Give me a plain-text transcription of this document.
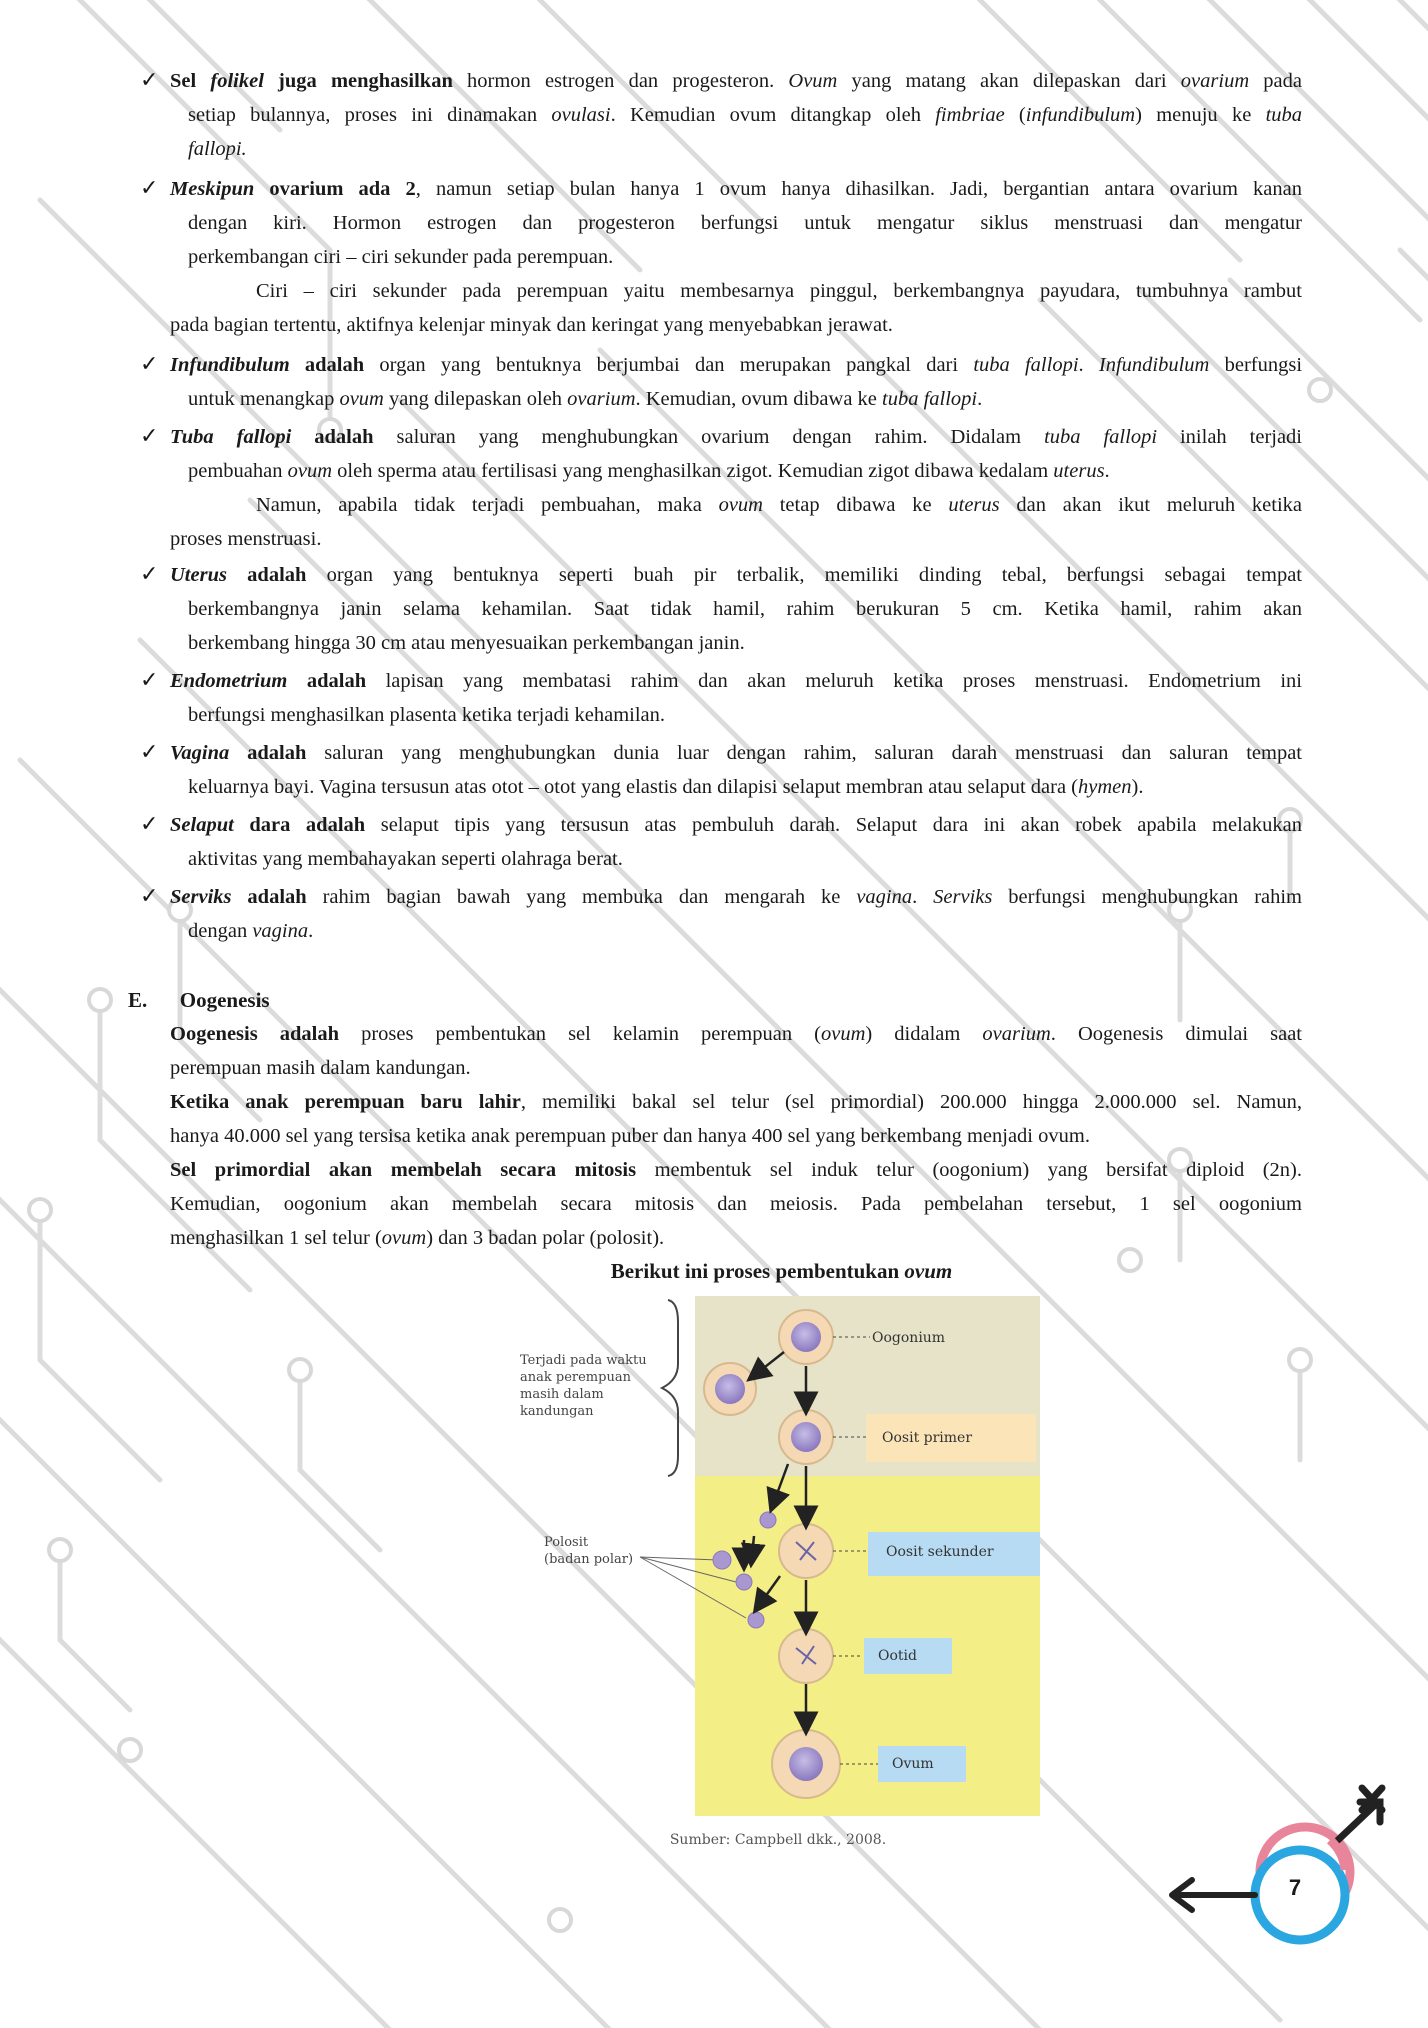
✓ Sel folikel juga menghasilkan hormon estrogen dan progesteron. Ovum yang matang akan dilepaskan dari ovarium pada
setiap bulannya, proses ini dinamakan ovulasi. Kemudian ovum ditangkap oleh fimbriae (infundibulum) menuju ke tuba
fallopi.
✓ Meskipun ovarium ada 2, namun setiap bulan hanya 1 ovum hanya dihasilkan. Jadi, bergantian antara ovarium kanan
dengan kiri. Hormon estrogen dan progesteron berfungsi untuk mengatur siklus menstruasi dan mengatur
perkembangan ciri – ciri sekunder pada perempuan.
Ciri – ciri sekunder pada perempuan yaitu membesarnya pinggul, berkembangnya payudara, tumbuhnya rambut
pada bagian tertentu, aktifnya kelenjar minyak dan keringat yang menyebabkan jerawat.
✓ Infundibulum adalah organ yang bentuknya berjumbai dan merupakan pangkal dari tuba fallopi. Infundibulum berfungsi
untuk menangkap ovum yang dilepaskan oleh ovarium. Kemudian, ovum dibawa ke tuba fallopi.
✓ Tuba fallopi adalah saluran yang menghubungkan ovarium dengan rahim. Didalam tuba fallopi inilah terjadi
pembuahan ovum oleh sperma atau fertilisasi yang menghasilkan zigot. Kemudian zigot dibawa kedalam uterus.
Namun, apabila tidak terjadi pembuahan, maka ovum tetap dibawa ke uterus dan akan ikut meluruh ketika
proses menstruasi.
✓ Uterus adalah organ yang bentuknya seperti buah pir terbalik, memiliki dinding tebal, berfungsi sebagai tempat
berkembangnya janin selama kehamilan. Saat tidak hamil, rahim berukuran 5 cm. Ketika hamil, rahim akan
berkembang hingga 30 cm atau menyesuaikan perkembangan janin.
✓ Endometrium adalah lapisan yang membatasi rahim dan akan meluruh ketika proses menstruasi. Endometrium ini
berfungsi menghasilkan plasenta ketika terjadi kehamilan.
✓ Vagina adalah saluran yang menghubungkan dunia luar dengan rahim, saluran darah menstruasi dan saluran tempat
keluarnya bayi. Vagina tersusun atas otot – otot yang elastis dan dilapisi selaput membran atau selaput dara (hymen).
✓ Selaput dara adalah selaput tipis yang tersusun atas pembuluh darah. Selaput dara ini akan robek apabila melakukan
aktivitas yang membahayakan seperti olahraga berat.
✓ Serviks adalah rahim bagian bawah yang membuka dan mengarah ke vagina. Serviks berfungsi menghubungkan rahim
dengan vagina.
E. Oogenesis
Oogenesis adalah proses pembentukan sel kelamin perempuan (ovum) didalam ovarium. Oogenesis dimulai saat
perempuan masih dalam kandungan.
Ketika anak perempuan baru lahir, memiliki bakal sel telur (sel primordial) 200.000 hingga 2.000.000 sel. Namun,
hanya 40.000 sel yang tersisa ketika anak perempuan puber dan hanya 400 sel yang berkembang menjadi ovum.
Sel primordial akan membelah secara mitosis membentuk sel induk telur (oogonium) yang bersifat diploid (2n).
Kemudian, oogonium akan membelah secara mitosis dan meiosis. Pada pembelahan tersebut, 1 sel oogonium
menghasilkan 1 sel telur (ovum) dan 3 badan polar (polosit).
Berikut ini proses pembentukan ovum
Terjadi pada waktu
anak perempuan
masih dalam
kandungan
Polosit
(badan polar)
Oogonium
Oosit primer
Oosit sekunder
Ootid
Ovum
Sumber: Campbell dkk., 2008.
7
